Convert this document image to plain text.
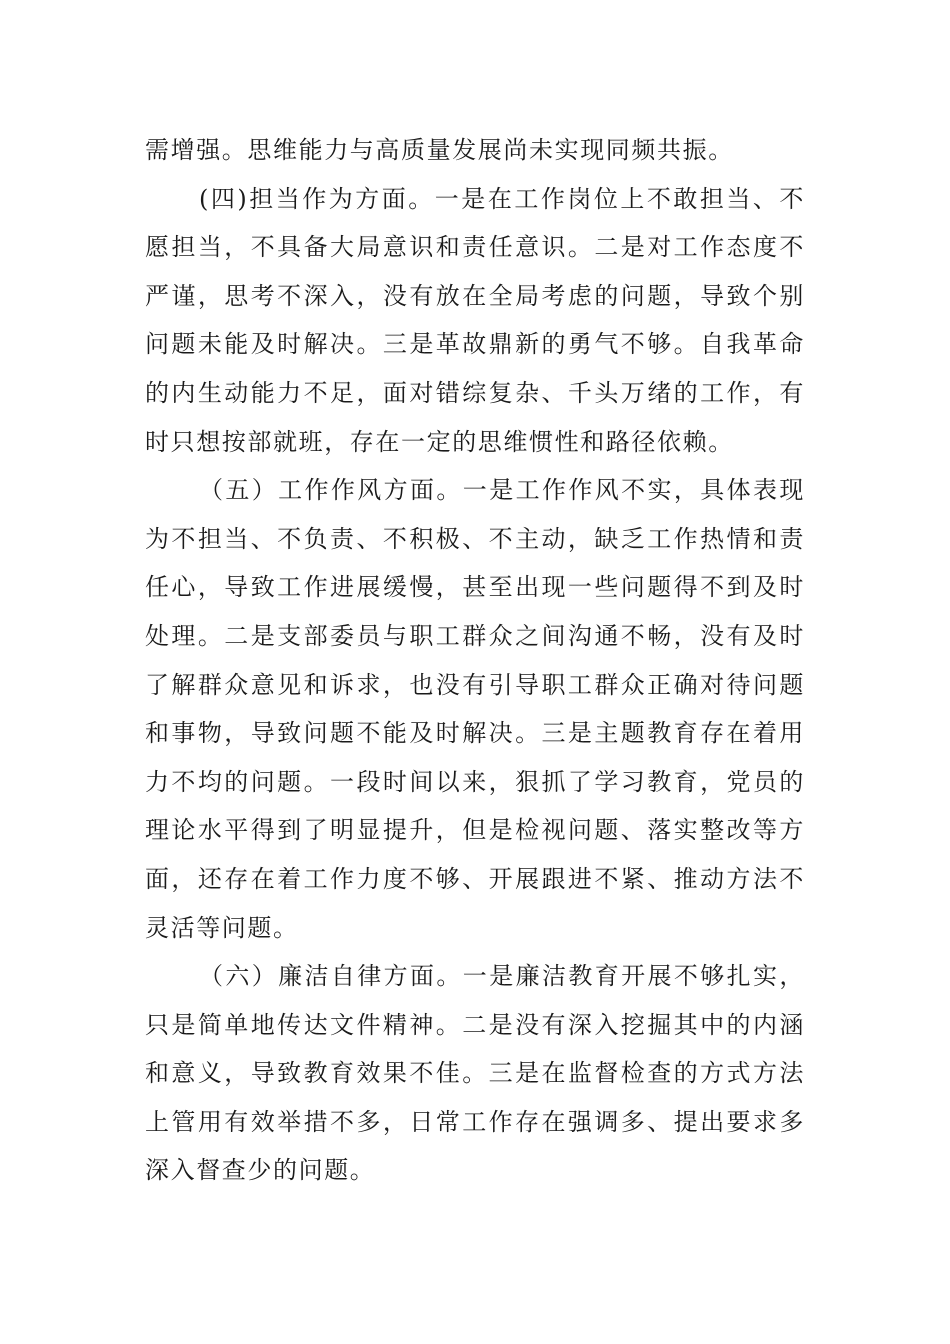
需增强。思维能力与高质量发展尚未实现同频共振。

(四)担当作为方面。一是在工作岗位上不敢担当、不愿担当，不具备大局意识和责任意识。二是对工作态度不严谨，思考不深入，没有放在全局考虑的问题，导致个别问题未能及时解决。三是革故鼎新的勇气不够。自我革命的内生动能力不足，面对错综复杂、千头万绪的工作，有时只想按部就班，存在一定的思维惯性和路径依赖。

（五）工作作风方面。一是工作作风不实，具体表现为不担当、不负责、不积极、不主动，缺乏工作热情和责任心，导致工作进展缓慢，甚至出现一些问题得不到及时处理。二是支部委员与职工群众之间沟通不畅，没有及时了解群众意见和诉求，也没有引导职工群众正确对待问题和事物，导致问题不能及时解决。三是主题教育存在着用力不均的问题。一段时间以来，狠抓了学习教育，党员的理论水平得到了明显提升，但是检视问题、落实整改等方面，还存在着工作力度不够、开展跟进不紧、推动方法不灵活等问题。

（六）廉洁自律方面。一是廉洁教育开展不够扎实，只是简单地传达文件精神。二是没有深入挖掘其中的内涵和意义，导致教育效果不佳。三是在监督检查的方式方法上管用有效举措不多，日常工作存在强调多、提出要求多深入督查少的问题。
